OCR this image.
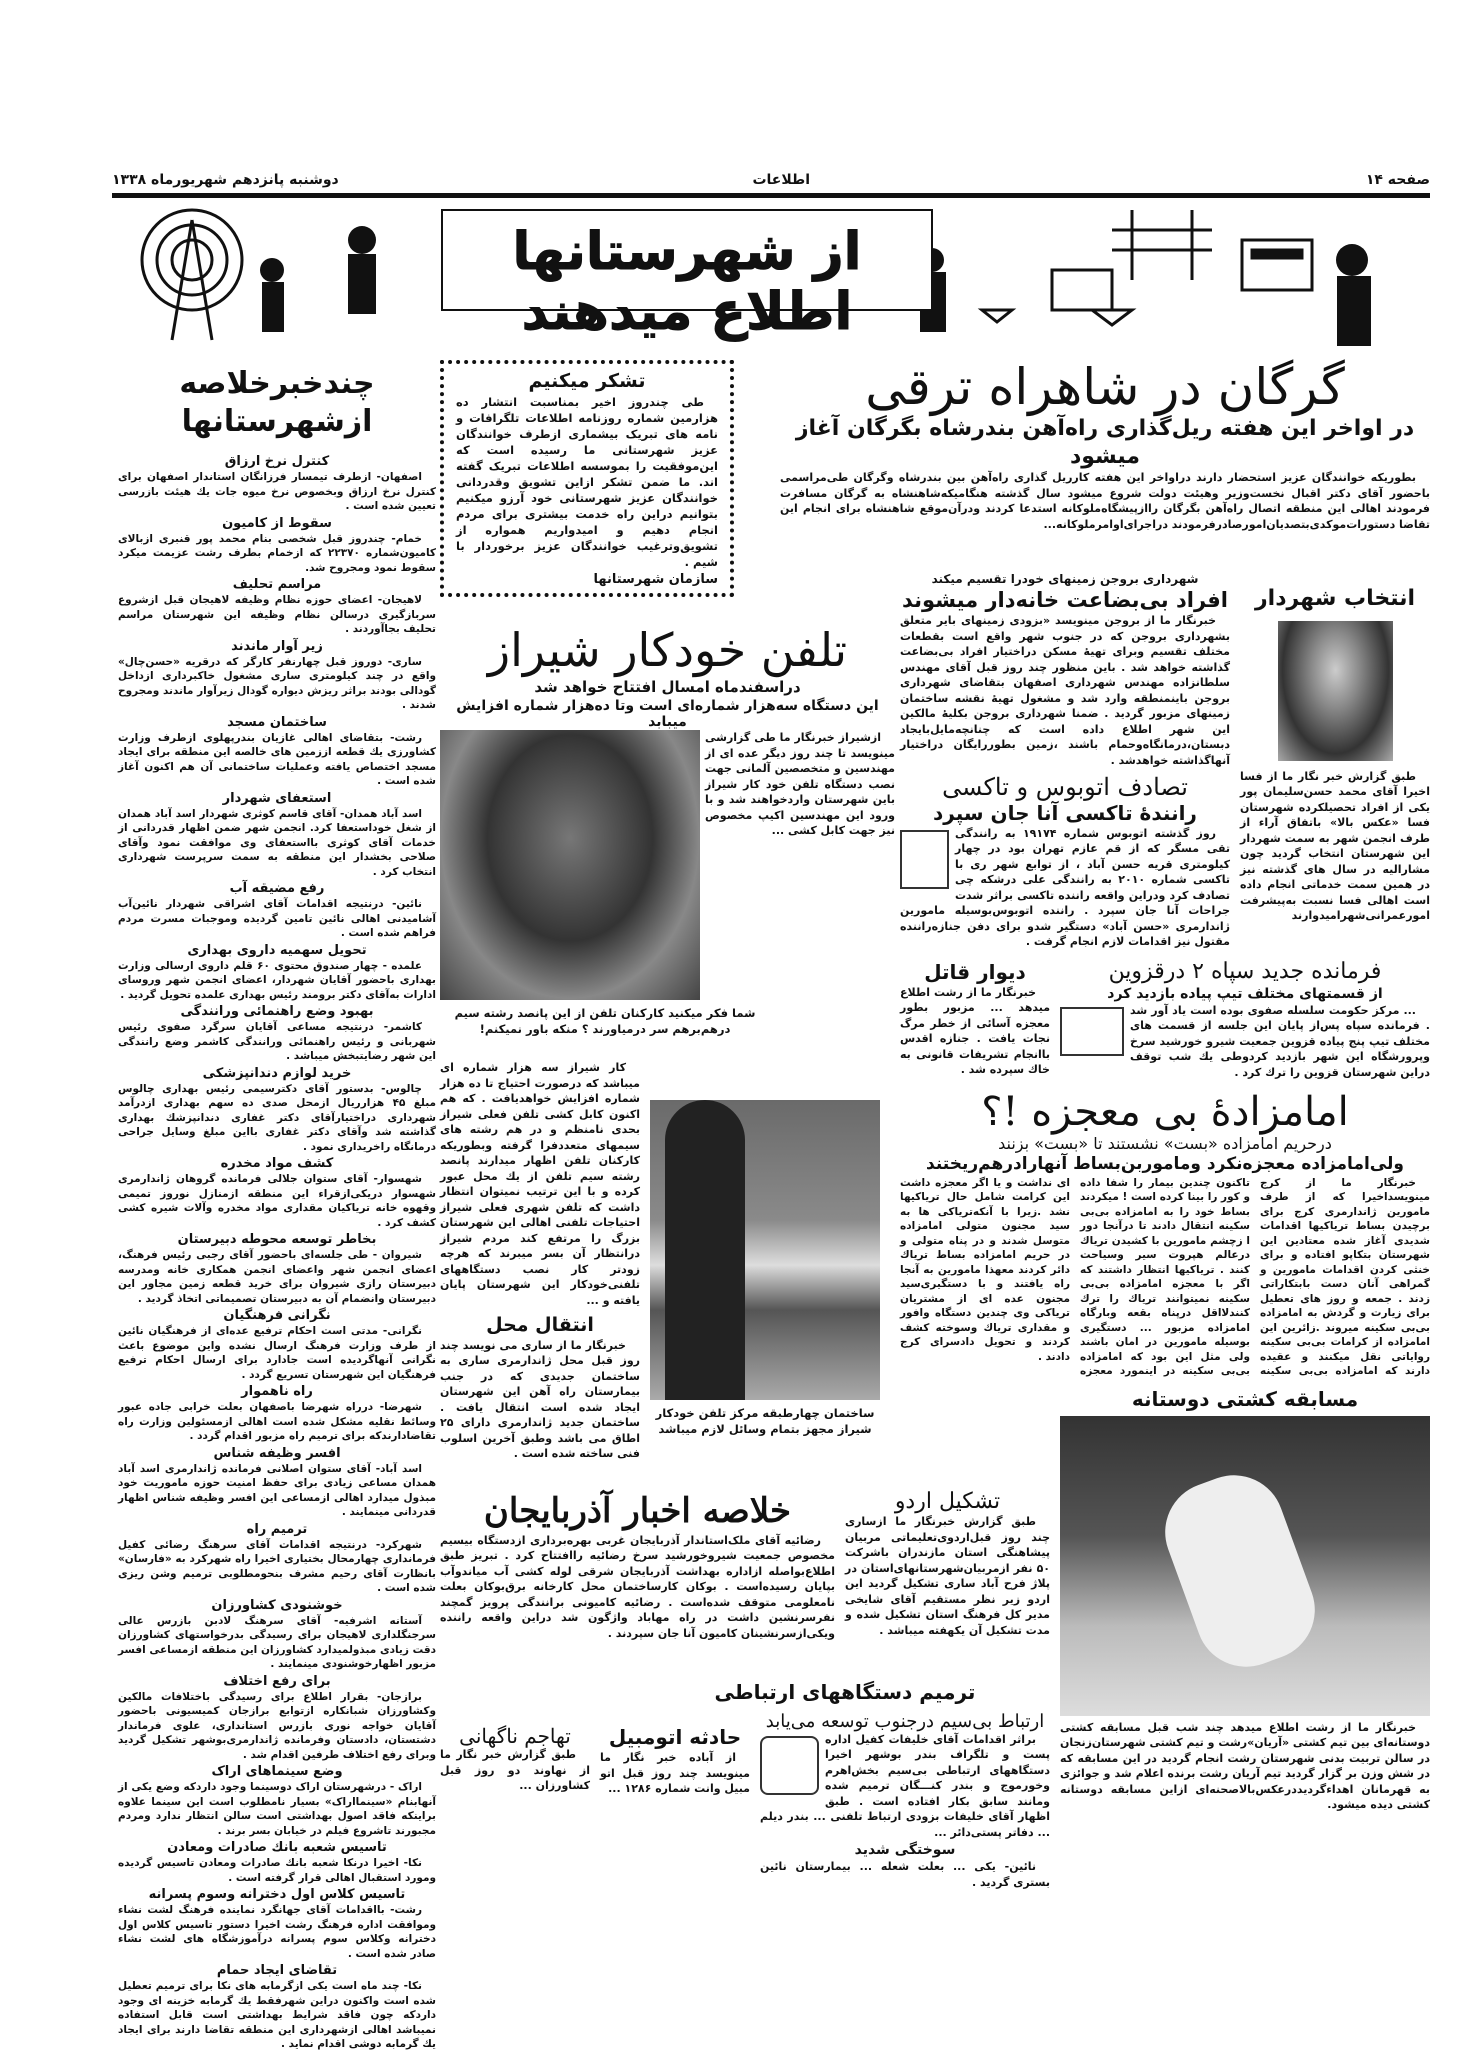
صفحه ۱۴
اطلاعات
دوشنبه پانزدهم شهریورماه ۱۳۳۸
از شهرستانها اطلاع میدهند
گرگان در شاهراه ترقی
در اواخر این هفته ریل‌گذاری راه‌آهن بندرشاه بگرگان آغاز میشود

بطوریکه خوانندگان عزیز استحضار دارند دراواخر این هفته کارریل گذاری راه‌آهن بین بندرشاه وگرگان طی‌مراسمی باحضور آقای دکتر اقبال نخست‌وزیر وهیئت دولت شروع میشود سال گذشته هنگامیکه‌شاهنشاه به گرگان مسافرت فرمودند اهالی این منطقه اتصال راه‌آهن بگرگان راازپیشگاه‌ملوکانه استدعا کردند ودرآن‌موقع شاهنشاه برای انجام این تقاضا دستورات‌موکدی‌بتصدیان‌امورصادرفرمودند دراجرای‌اوامرملوکانه...

تشکر میکنیم

طی چندروز اخیر بمناسبت انتشار ده هزارمین شماره روزنامه اطلاعات تلگرافات و نامه های تبریک بیشماری ازطرف خوانندگان عزیز شهرستانی ما رسیده است که این‌موفقیت را بموسسه اطلاعات تبریک گفته اند. ما ضمن تشکر ازاین تشویق وقدردانی خوانندگان عزیز شهرستانی خود آرزو میکنیم بتوانیم دراین راه خدمت بیشتری برای مردم انجام دهیم و امیدواریم همواره از تشویق‌وترغیب خوانندگان عزیز برخوردار با شیم .

سازمان شهرستانها
چندخبرخلاصه ازشهرستانها
کنترل نرخ ارزاق

اصفهان- ازطرف تیمسار فرزانگان استاندار اصفهان برای کنترل نرخ ارزاق وبخصوص نرخ میوه جات یك هیئت بازرسی تعیین شده است .

سقوط از کامیون

خمام- چندروز قبل شخصی بنام محمد پور قنبری ازبالای کامیون‌شماره ۲۲۳۷۰ که ازخمام بطرف رشت عزیمت میکرد سقوط نمود ومجروح شد.

مراسم تحلیف

لاهیجان- اعضای حوزه نظام وظیفه لاهیجان قبل ازشروع سربازگیری درسالن نظام وظیفه این شهرستان مراسم تحلیف بجاآوردند .

زیر آوار ماندند

ساری- دوروز قبل چهارنفر کارگر که درقریه «حسن‌چال» واقع در چند کیلومتری ساری مشغول خاکبرداری ازداخل گودالی بودند براثر ریزش دیواره گودال زیرآوار ماندند ومجروح شدند .

ساختمان مسجد

رشت- بتقاضای اهالی غازیان بندرپهلوی ازطرف وزارت کشاورزی یك قطعه اززمین های خالصه این منطقه برای ایجاد مسجد اختصاص یافته وعملیات ساختمانی آن هم اکنون آغاز شده است .

استعفای شهردار

اسد آباد همدان- آقای قاسم کوثری شهردار اسد آباد همدان از شغل خوداستعفا کرد. انجمن شهر ضمن اظهار قدردانی از خدمات آقای کوثری بااستعفای وی موافقت نمود وآقای صلاحی بخشدار این منطقه به سمت سرپرست شهرداری انتخاب کرد .

رفع مضیقه آب

نائین- درنتیجه اقدامات آقای اشراقی شهردار نائین‌آب آشامیدنی اهالی نائین تامین گردیده وموجبات مسرت مردم فراهم شده است .

تحویل سهمیه داروی بهداری

علمده - چهار صندوق محتوی ۶۰ قلم داروی ارسالی وزارت بهداری باحضور آقایان شهردار، اعضای انجمن شهر وروسای ادارات به‌آقای دکتر برومند رئیس بهداری علمده تحویل گردید .

بهبود وضع راهنمائی ورانندگی

کاشمر- درنتیجه مساعی آقایان سرگرد صفوی رئیس شهربانی و رئیس راهنمائی ورانندگی کاشمر وضع رانندگی این شهر رضایتبخش میباشد .

خرید لوازم دندانپزشکی

چالوس- بدستور آقای دکترسیمی رئیس بهداری چالوس مبلغ ۴۵ هزارریال ازمحل صدی ده سهم بهداری ازدرآمد شهرداری دراختیارآقای دکتر غفاری دندانپزشك بهداری گذاشته شد وآقای دکتر غفاری بااین مبلغ وسایل جراحی درمانگاه راخریداری نمود .

کشف مواد مخدره

شهسوار- آقای ستوان جلالی فرمانده گروهان ژاندارمری شهسوار دریکی‌ازقراء این منطقه ازمنازل نوروز تمیمی وقهوه خانه تریاکیان مقداری مواد مخدره وآلات شیره کشی کشف کرد .

بخاطر توسعه محوطه دبیرستان

شیروان - طی جلسه‌ای باحضور آقای رجبی رئیس فرهنگ، اعضای انجمن شهر واعضای انجمن همکاری خانه ومدرسه دبیرستان رازی شیروان برای خرید قطعه زمین مجاور این دبیرستان وانضمام آن به دبیرستان تصمیماتی اتخاذ گردید .

نگرانی فرهنگیان

نگرانی- مدتی است احکام ترفیع عده‌ای از فرهنگیان نائین از طرف وزارت فرهنگ ارسال نشده واین موضوع باعث نگرانی آنهاگردیده است جادارد برای ارسال احکام ترفیع فرهنگیان این شهرستان تسریع گردد .

راه ناهموار

شهرضا- درراه شهرضا باصفهان بعلت خرابی جاده عبور وسائط نقلیه مشکل شده است اهالی ازمسئولین وزارت راه تقاضادارندکه برای ترمیم راه مزبور اقدام گردد .

افسر وظیفه شناس

اسد آباد- آقای ستوان اصلانی فرمانده ژاندارمری اسد آباد همدان مساعی زیادی برای حفظ امنیت حوزه ماموریت خود مبذول میدارد اهالی ازمساعی این افسر وظیفه شناس اظهار قدردانی مینمایند .

ترمیم راه

شهرکرد- درنتیجه اقدامات آقای سرهنگ رضائی کفیل فرمانداری چهارمحال بختیاری اخیرا راه شهرکرد به «فارسان» بانظارت آقای رحیم مشرف بنحومطلوبی ترمیم وشن ریزی شده است .

خوشنودی کشاورزان

آستانه اشرفیه- آقای سرهنگ لادبن بازرس عالی سرجنگلداری لاهیجان برای رسیدگی بدرخواستهای کشاورزان دقت زیادی مبذولمیدارد کشاورزان این منطقه ازمساعی افسر مزبور اظهارخوشنودی مینمایند .

برای رفع اختلاف

برازجان- بقرار اطلاع برای رسیدگی باختلافات مالکین وکشاورزان شبانکاره ازتوابع برازجان کمیسیونی باحضور آقایان خواجه نوری بازرس استانداری، علوی فرماندار دشتستان، دادستان وفرمانده ژاندارمری‌بوشهر تشکیل گردید وبرای رفع اختلاف طرفین اقدام شد .

وضع سینماهای اراک

اراک - درشهرستان اراک دوسینما وجود داردکه وضع یکی از آنهابنام «سینمااراک» بسیار نامطلوب است این سینما علاوه براینکه فاقد اصول بهداشتی است سالن انتظار ندارد ومردم مجبورند تاشروع فیلم در خیابان بسر برند .

تاسیس شعبه بانك صادرات ومعادن

نکا- اخیرا درنکا شعبه بانك صادرات ومعادن تاسیس گردیده ومورد استقبال اهالی قرار گرفته است .

تاسیس کلاس اول دخترانه وسوم پسرانه

رشت- بااقدامات آقای جهانگرد نماینده فرهنگ لشت نشاء وموافقت اداره فرهنگ رشت اخیرا دستور تاسیس کلاس اول دخترانه وکلاس سوم پسرانه درآموزشگاه های لشت نشاء صادر شده است .

تقاضای ایجاد حمام

نکا- چند ماه است یکی ازگرمابه های نکا برای ترمیم تعطیل شده است واکنون دراین شهرفقط یك گرمابه خزینه ای وجود داردکه چون فاقد شرایط بهداشتی است قابل استفاده نمیباشد اهالی ازشهرداری این منطقه تقاضا دارند برای ایجاد یك گرمابه دوشی اقدام نماید .

تلفن خودکار شیراز
دراسفندماه امسال افتتاح خواهد شد
این دستگاه سه‌هزار شماره‌ای است وتا ده‌هزار شماره افزایش میبابد

ازشیراز خبرنگار ما طی گزارشی مینویسد تا چند روز دیگر عده ای از مهندسین و متخصصین آلمانی جهت نصب دستگاه تلفن خود کار شیراز باین شهرستان واردخواهند شد و با ورود این مهندسین اکیپ مخصوص نیز جهت کابل کشی ...

شما فکر میکنید کارکنان تلفن از این پانصد رشته سیم درهم‌برهم سر درمیاورند ؟ منکه باور نمیکنم!

کار شیراز سه هزار شماره ای میباشد که درصورت احتیاج تا ده هزار شماره افزایش خواهدیافت . که هم اکنون کابل کشی تلفن فعلی شیراز بحدی نامنظم و در هم رشته های سیمهای متعددفرا گرفته وبطوریکه کارکنان تلفن اظهار میدارند پانصد رشته سیم تلفن از یك محل عبور کرده و با این ترتیب نمیتوان انتظار داشت که تلفن شهری فعلی شیراز احتیاجات تلفنی اهالی این شهرستان بزرگ را مرتفع کند مردم شیراز درانتظار آن بسر میبرند که هرچه زودتر کار نصب دستگاههای تلفنی‌خودکار این شهرستان پایان یافته و ...

انتقال محل

خبرنگار ما از ساری می نویسد چند روز قبل محل ژاندارمری ساری به ساختمان جدیدی که در جنب بیمارستان راه آهن این شهرستان ایجاد شده است انتقال یافت . ساختمان جدید ژاندارمری دارای ۲۵ اطاق می باشد وطبق آخرین اسلوب فنی ساخته شده است .

ساختمان چهارطبقه مرکز تلفن خودکار شیراز مجهز بتمام وسائل لازم میباشد
انتخاب شهردار

طبق گزارش خبر نگار ما از فسا اخیرا آقای محمد حسن‌سلیمان پور یکی از افراد تحصیلکرده شهرستان فسا «عکس بالا» باتفاق آراء از طرف انجمن شهر به سمت شهردار این شهرستان انتخاب گردید چون مشارالیه در سال های گذشته نیز در همین سمت خدماتی انجام داده است اهالی فسا نسبت به‌پیشرفت امورعمرانی‌شهرامیدوارند

شهرداری بروجن زمینهای خودرا تقسیم میکند
افراد بی‌بضاعت خانه‌دار میشوند

خبرنگار ما از بروجن مینویسد «بزودی زمینهای بایر متعلق بشهرداری بروجن که در جنوب شهر واقع است بقطعات مختلف تقسیم وبرای تهیهٔ مسکن دراختیار افراد بی‌بضاعت گذاشته خواهد شد . باین منظور چند روز قبل آقای مهندس سلطانزاده مهندس شهرداری اصفهان بتقاضای شهرداری بروجن باینمنطقه وارد شد و مشغول تهیهٔ نقشه ساختمان زمینهای مزبور گردید . ضمنا شهرداری بروجن بکلیهٔ مالکین این شهر اطلاع داده است که چنانچه‌مایل‌بایجاد دبستان،درمانگاه‌وحمام باشند ،زمین بطوررایگان دراختیار آنهاگذاشته خواهدشد .

تصادف اتوبوس و تاکسی
رانندهٔ تاکسی آنا جان سپرد

روز گذشته اتوبوس شماره ۱۹۱۷۴ به رانندگی تقی مسگر که از قم عازم تهران بود در چهار کیلومتری قریه حسن آباد ، از توابع شهر ری با تاکسی شماره ۲۰۱۰ به رانندگی علی درشکه چی تصادف کرد ودراین واقعه راننده تاکسی براثر شدت جراحات آنا جان سپرد . راننده اتوبوس‌بوسیله مامورین ژاندارمری «حسن آباد» دستگیر شدو برای دفن جنازه‌راننده مقتول نیز اقدامات لازم انجام گرفت .

فرمانده جدید سپاه ۲ درقزوین
از قسمتهای مختلف تیپ پیاده بازدید کرد

... مرکز حکومت سلسله صفوی بوده است یاد آور شد . فرمانده سپاه پس‌از پایان این جلسه از قسمت های مختلف تیپ پنج پیاده قزوین جمعیت شیرو خورشید سرخ وپرورشگاه این شهر بازدید کردوطی یك شب توقف دراین شهرستان قزوین را ترك کرد .

دیوار قاتل

خبرنگار ما از رشت اطلاع میدهد ... مزبور بطور معجزه آسائی از خطر مرگ نجات یافت . جنازه اقدس باانجام تشریفات قانونی به خاك سپرده شد .

امامزادهٔ بی معجزه !؟
درحریم امامزاده «بست» نشستند تا «بست» بزنند
ولی‌امامزاده معجزه‌نکرد وماموربن‌بساط آنهارادرهم‌ریختند

خبرنگار ما از کرج مینویسداخیرا که از طرف مامورین ژاندارمری کرج برای برچیدن بساط تریاکیها اقدامات شدیدی آغاز شده معتادین این شهرستان بتکاپو افتاده و برای خنثی کردن اقدامات مامورین و گمراهی آنان دست بابتکاراتی زدند . جمعه و روز های تعطیل برای زیارت و گردش به امامزاده بی‌بی سکینه میروند .زائرین این امامزاده از کرامات بی‌بی سکینه روایاتی نقل میکنند و عقیده دارند که امامزاده بی‌بی سکینه تاکنون چندین بیمار را شفا داده و کور را بینا کرده است ! میکردند بساط خود را به امامزاده بی‌بی سکینه انتقال دادند تا درآنجا دور ا زچشم مامورین با کشیدن تریاك درعالم هپروت سیر وسیاحت کنند . تریاکیها انتظار داشتند که اگر با معجزه امامزاده بی‌بی سکینه نمیتوانند تریاك را ترك کنندلااقل درپناه بقعه وبارگاه امامزاده مزبور ... دستگیری بوسیله مامورین در امان باشند ولی مثل این بود که امامزاده بی‌بی سکینه در اینمورد معجزه ای نداشت و یا اگر معجزه داشت این کرامت شامل حال تریاکیها نشد .زیرا با آنکه‌تریاکی ها به سید مجنون متولی امامزاده متوسل شدند و در پناه متولی و در حریم امامزاده بساط تریاك دائر کردند معهذا مامورین به آنجا راه یافتند و با دستگیری‌سید مجنون عده ای از مشتریان تریاکی وی چندین دستگاه وافور و مقداری تریاك وسوخته کشف کردند و تحویل دادسرای کرج دادند .

مسابقه کشتی دوستانه

خبرنگار ما از رشت اطلاع میدهد چند شب قبل مسابقه کشتی دوستانه‌ای بین تیم کشتی «آریان»رشت و تیم کشتی شهرستان‌زنجان در سالن تربیت بدنی شهرستان رشت انجام گردید در این مسابقه که در شش وزن بر گزار گردید تیم آریان رشت برنده اعلام شد و جوائزی به قهرمانان اهداء‌گردید‌درعکس‌بالاصحنه‌ای ازاین مسابقه دوستانه کشتی دیده میشود.

خلاصه اخبار آذربایجان

رضائیه آقای ملک‌استاندار آذربایجان غربی بهره‌برداری ازدستگاه بیسیم مخصوص جمعیت شیروخورشید سرخ رضائیه راافتتاح کرد . تبریز طبق اطلاع‌بواصله ازاداره بهداشت آذربایجان شرقی لوله کشی آب میاندوآب بپایان رسیده‌است . بوکان کارساختمان محل کارخانه برق‌بوکان بعلت نامعلومی متوقف شده‌است . رضائیه کامیونی برانندگی پرویز گمچند نفرسرنشین داشت در راه مهاباد واژگون شد دراین واقعه راننده ویکی‌ازسرنشینان کامیون آنا جان سپردند .

تشکیل اردو

طبق گزارش خبرنگار ما ازساری چند روز قبل‌اردوی‌تعلیماتی مربیان پیشاهنگی استان مازندران باشرکت ۵۰ نفر ازمربیان‌شهرستانهای‌استان در پلاژ فرح آباد ساری تشکیل گردید این اردو زیر نظر مستقیم آقای شایخی مدیر کل فرهنگ استان تشکیل شده و مدت تشکیل آن یکهفته میباشد .

ترمیم دستگاههای ارتباطی
ارتباط بی‌سیم درجنوب توسعه می‌یابد

براثر اقدامات آقای خلیفات کفیل اداره پست و تلگراف بندر بوشهر اخیرا دستگاههای ارتباطی بی‌سیم بخش‌اهرم وخورموج و بندر کنـــگان ترمیم شده ومانند سابق بکار افتاده است . طبق اظهار آقای خلیفات بزودی ارتباط تلفنی ... بندر دیلم ... دفاتر پستی‌دائر ...

سوختگی شدید

نائین- یکی ... بعلت شعله ... بیمارستان نائین بستری گردید .

حادثه اتومبیل

از آباده خبر نگار ما مینویسد چند روز قبل اتو مبیل وانت شماره ۱۲۸۶ ...

تهاجم ناگهانی

طبق گزارش خبر نگار ما از نهاوند دو روز قبل کشاورزان ...
